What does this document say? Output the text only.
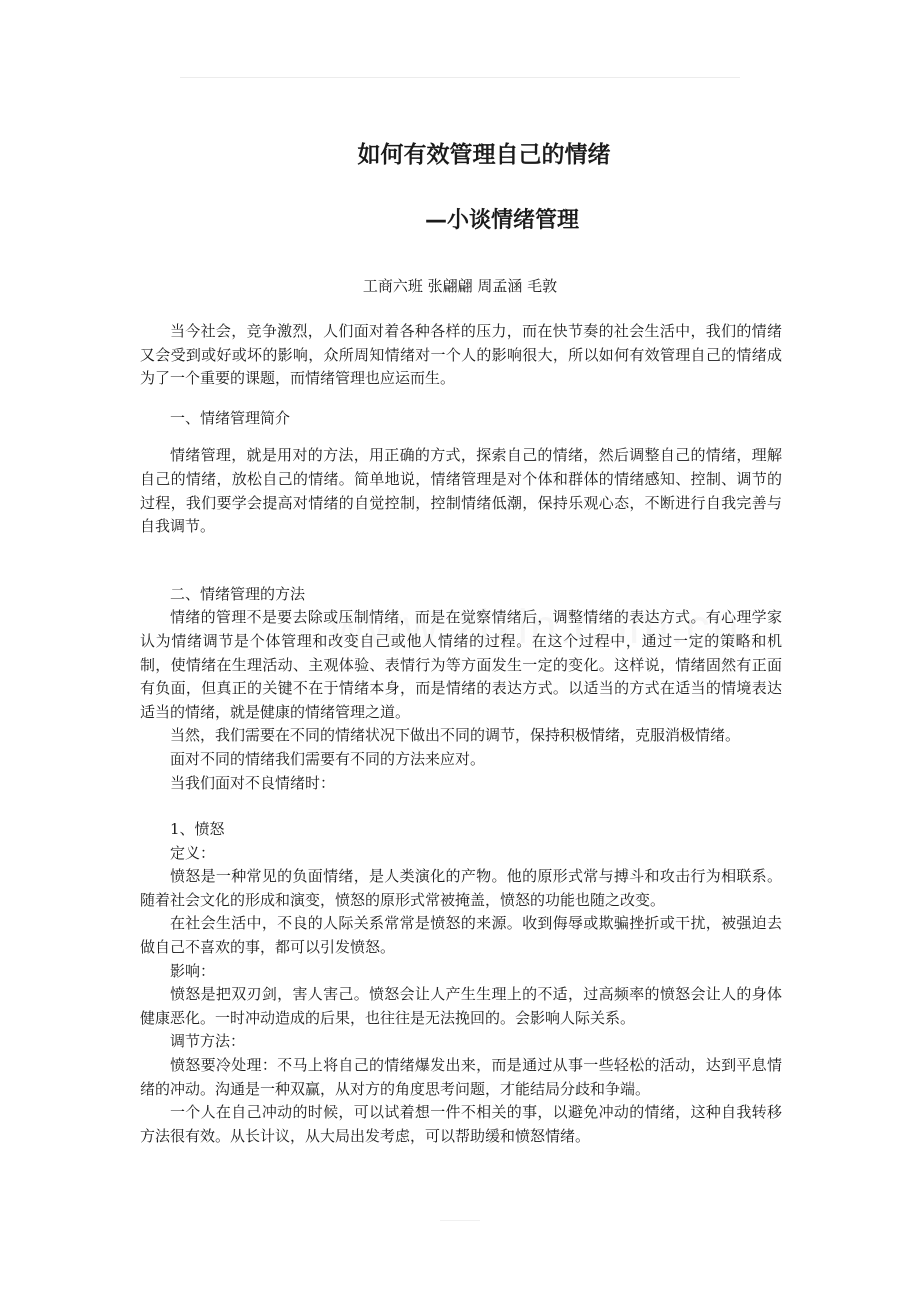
如何有效管理自己的情绪
—小谈情绪管理
工商六班 张翩翩 周孟涵 毛敦

当今社会，竞争激烈，人们面对着各种各样的压力，而在快节奏的社会生活中，我们的情绪又会受到或好或坏的影响，众所周知情绪对一个人的影响很大，所以如何有效管理自己的情绪成为了一个重要的课题，而情绪管理也应运而生。

一、情绪管理简介

情绪管理，就是用对的方法，用正确的方式，探索自己的情绪，然后调整自己的情绪，理解自己的情绪，放松自己的情绪。简单地说，情绪管理是对个体和群体的情绪感知、控制、调节的过程，我们要学会提高对情绪的自觉控制，控制情绪低潮，保持乐观心态，不断进行自我完善与自我调节。

二、情绪管理的方法

情绪的管理不是要去除或压制情绪，而是在觉察情绪后，调整情绪的表达方式。有心理学家认为情绪调节是个体管理和改变自己或他人情绪的过程。在这个过程中，通过一定的策略和机制，使情绪在生理活动、主观体验、表情行为等方面发生一定的变化。这样说，情绪固然有正面有负面，但真正的关键不在于情绪本身，而是情绪的表达方式。以适当的方式在适当的情境表达适当的情绪，就是健康的情绪管理之道。

当然，我们需要在不同的情绪状况下做出不同的调节，保持积极情绪，克服消极情绪。

面对不同的情绪我们需要有不同的方法来应对。

当我们面对不良情绪时：

1、愤怒

定义：

愤怒是一种常见的负面情绪，是人类演化的产物。他的原形式常与搏斗和攻击行为相联系。随着社会文化的形成和演变，愤怒的原形式常被掩盖，愤怒的功能也随之改变。

在社会生活中，不良的人际关系常常是愤怒的来源。收到侮辱或欺骗挫折或干扰，被强迫去做自己不喜欢的事，都可以引发愤怒。

影响：

愤怒是把双刃剑，害人害己。愤怒会让人产生生理上的不适，过高频率的愤怒会让人的身体健康恶化。一时冲动造成的后果，也往往是无法挽回的。会影响人际关系。

调节方法：

愤怒要冷处理：不马上将自己的情绪爆发出来，而是通过从事一些轻松的活动，达到平息情绪的冲动。沟通是一种双赢，从对方的角度思考问题，才能结局分歧和争端。

一个人在自己冲动的时候，可以试着想一件不相关的事，以避免冲动的情绪，这种自我转移方法很有效。从长计议，从大局出发考虑，可以帮助缓和愤怒情绪。
